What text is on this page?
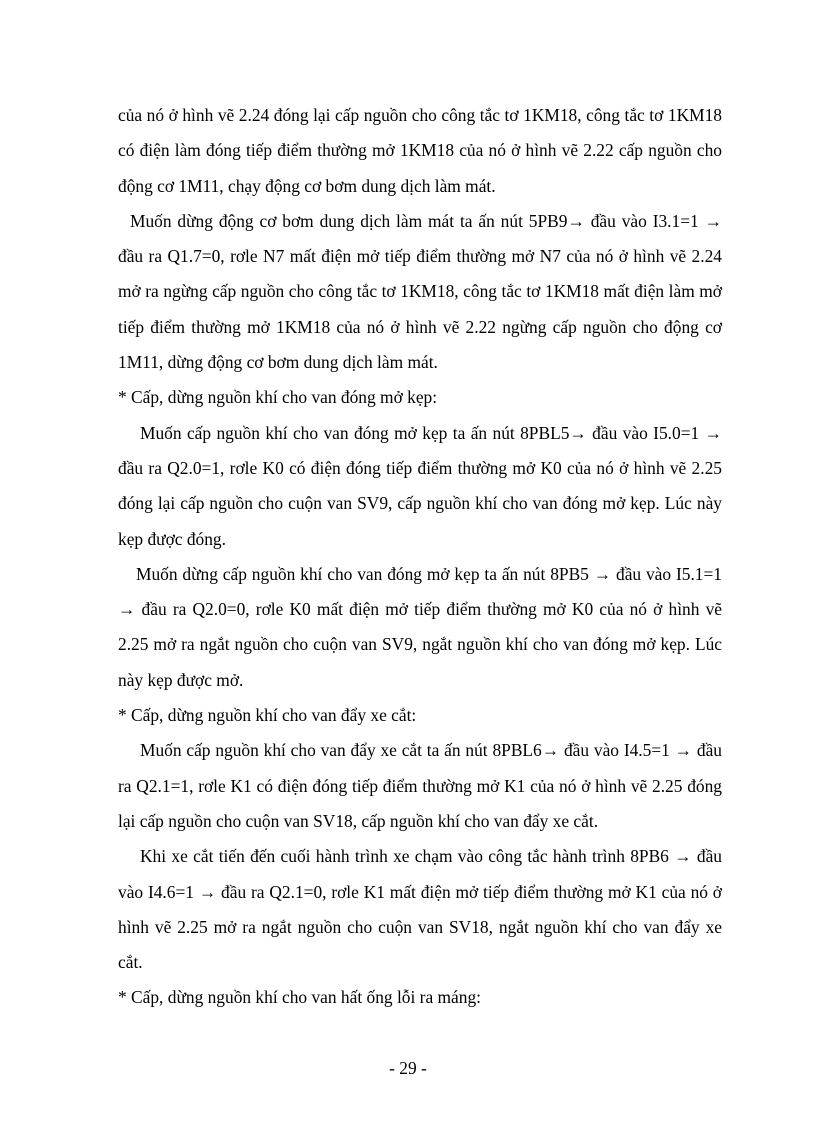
của nó ở hình vẽ 2.24 đóng lại cấp nguồn cho công tắc tơ 1KM18, công tắc tơ 1KM18 có điện làm đóng tiếp điểm thường mở 1KM18 của nó ở hình vẽ 2.22 cấp nguồn cho động cơ 1M11, chạy động cơ bơm dung dịch làm mát.

Muốn dừng động cơ bơm dung dịch làm mát ta ấn nút 5PB9→ đầu vào I3.1=1 → đầu ra Q1.7=0, rơle N7 mất điện mở tiếp điểm thường mở N7 của nó ở hình vẽ 2.24 mở ra ngừng cấp nguồn cho công tắc tơ 1KM18, công tắc tơ 1KM18 mất điện làm mở tiếp điểm thường mở 1KM18 của nó ở hình vẽ 2.22 ngừng cấp nguồn cho động cơ 1M11, dừng động cơ bơm dung dịch làm mát.

* Cấp, dừng nguồn khí cho van đóng mở kẹp:

Muốn cấp nguồn khí cho van đóng mở kẹp ta ấn nút 8PBL5→ đầu vào I5.0=1 → đầu ra Q2.0=1, rơle K0 có điện đóng tiếp điểm thường mở K0 của nó ở hình vẽ 2.25 đóng lại cấp nguồn cho cuộn van SV9, cấp nguồn khí cho van đóng mở kẹp. Lúc này kẹp được đóng.

Muốn dừng cấp nguồn khí cho van đóng mở kẹp ta ấn nút 8PB5 → đầu vào I5.1=1 → đầu ra Q2.0=0, rơle K0 mất điện mở tiếp điểm thường mở K0 của nó ở hình vẽ 2.25 mở ra ngắt nguồn cho cuộn van SV9, ngắt nguồn khí cho van đóng mở kẹp. Lúc này kẹp được mở.

* Cấp, dừng nguồn khí cho van đẩy xe cắt:

Muốn cấp nguồn khí cho van đẩy xe cắt ta ấn nút 8PBL6→ đầu vào I4.5=1 → đầu ra Q2.1=1, rơle K1 có điện đóng tiếp điểm thường mở K1 của nó ở hình vẽ 2.25 đóng lại cấp nguồn cho cuộn van SV18, cấp nguồn khí cho van đẩy xe cắt.

Khi xe cắt tiến đến cuối hành trình xe chạm vào công tắc hành trình 8PB6 → đầu vào I4.6=1 → đầu ra Q2.1=0, rơle K1 mất điện mở tiếp điểm thường mở K1 của nó ở hình vẽ 2.25 mở ra ngắt nguồn cho cuộn van SV18, ngắt nguồn khí cho van đẩy xe cắt.

* Cấp, dừng nguồn khí cho van hất ống lỗi ra máng:

- 29 -
